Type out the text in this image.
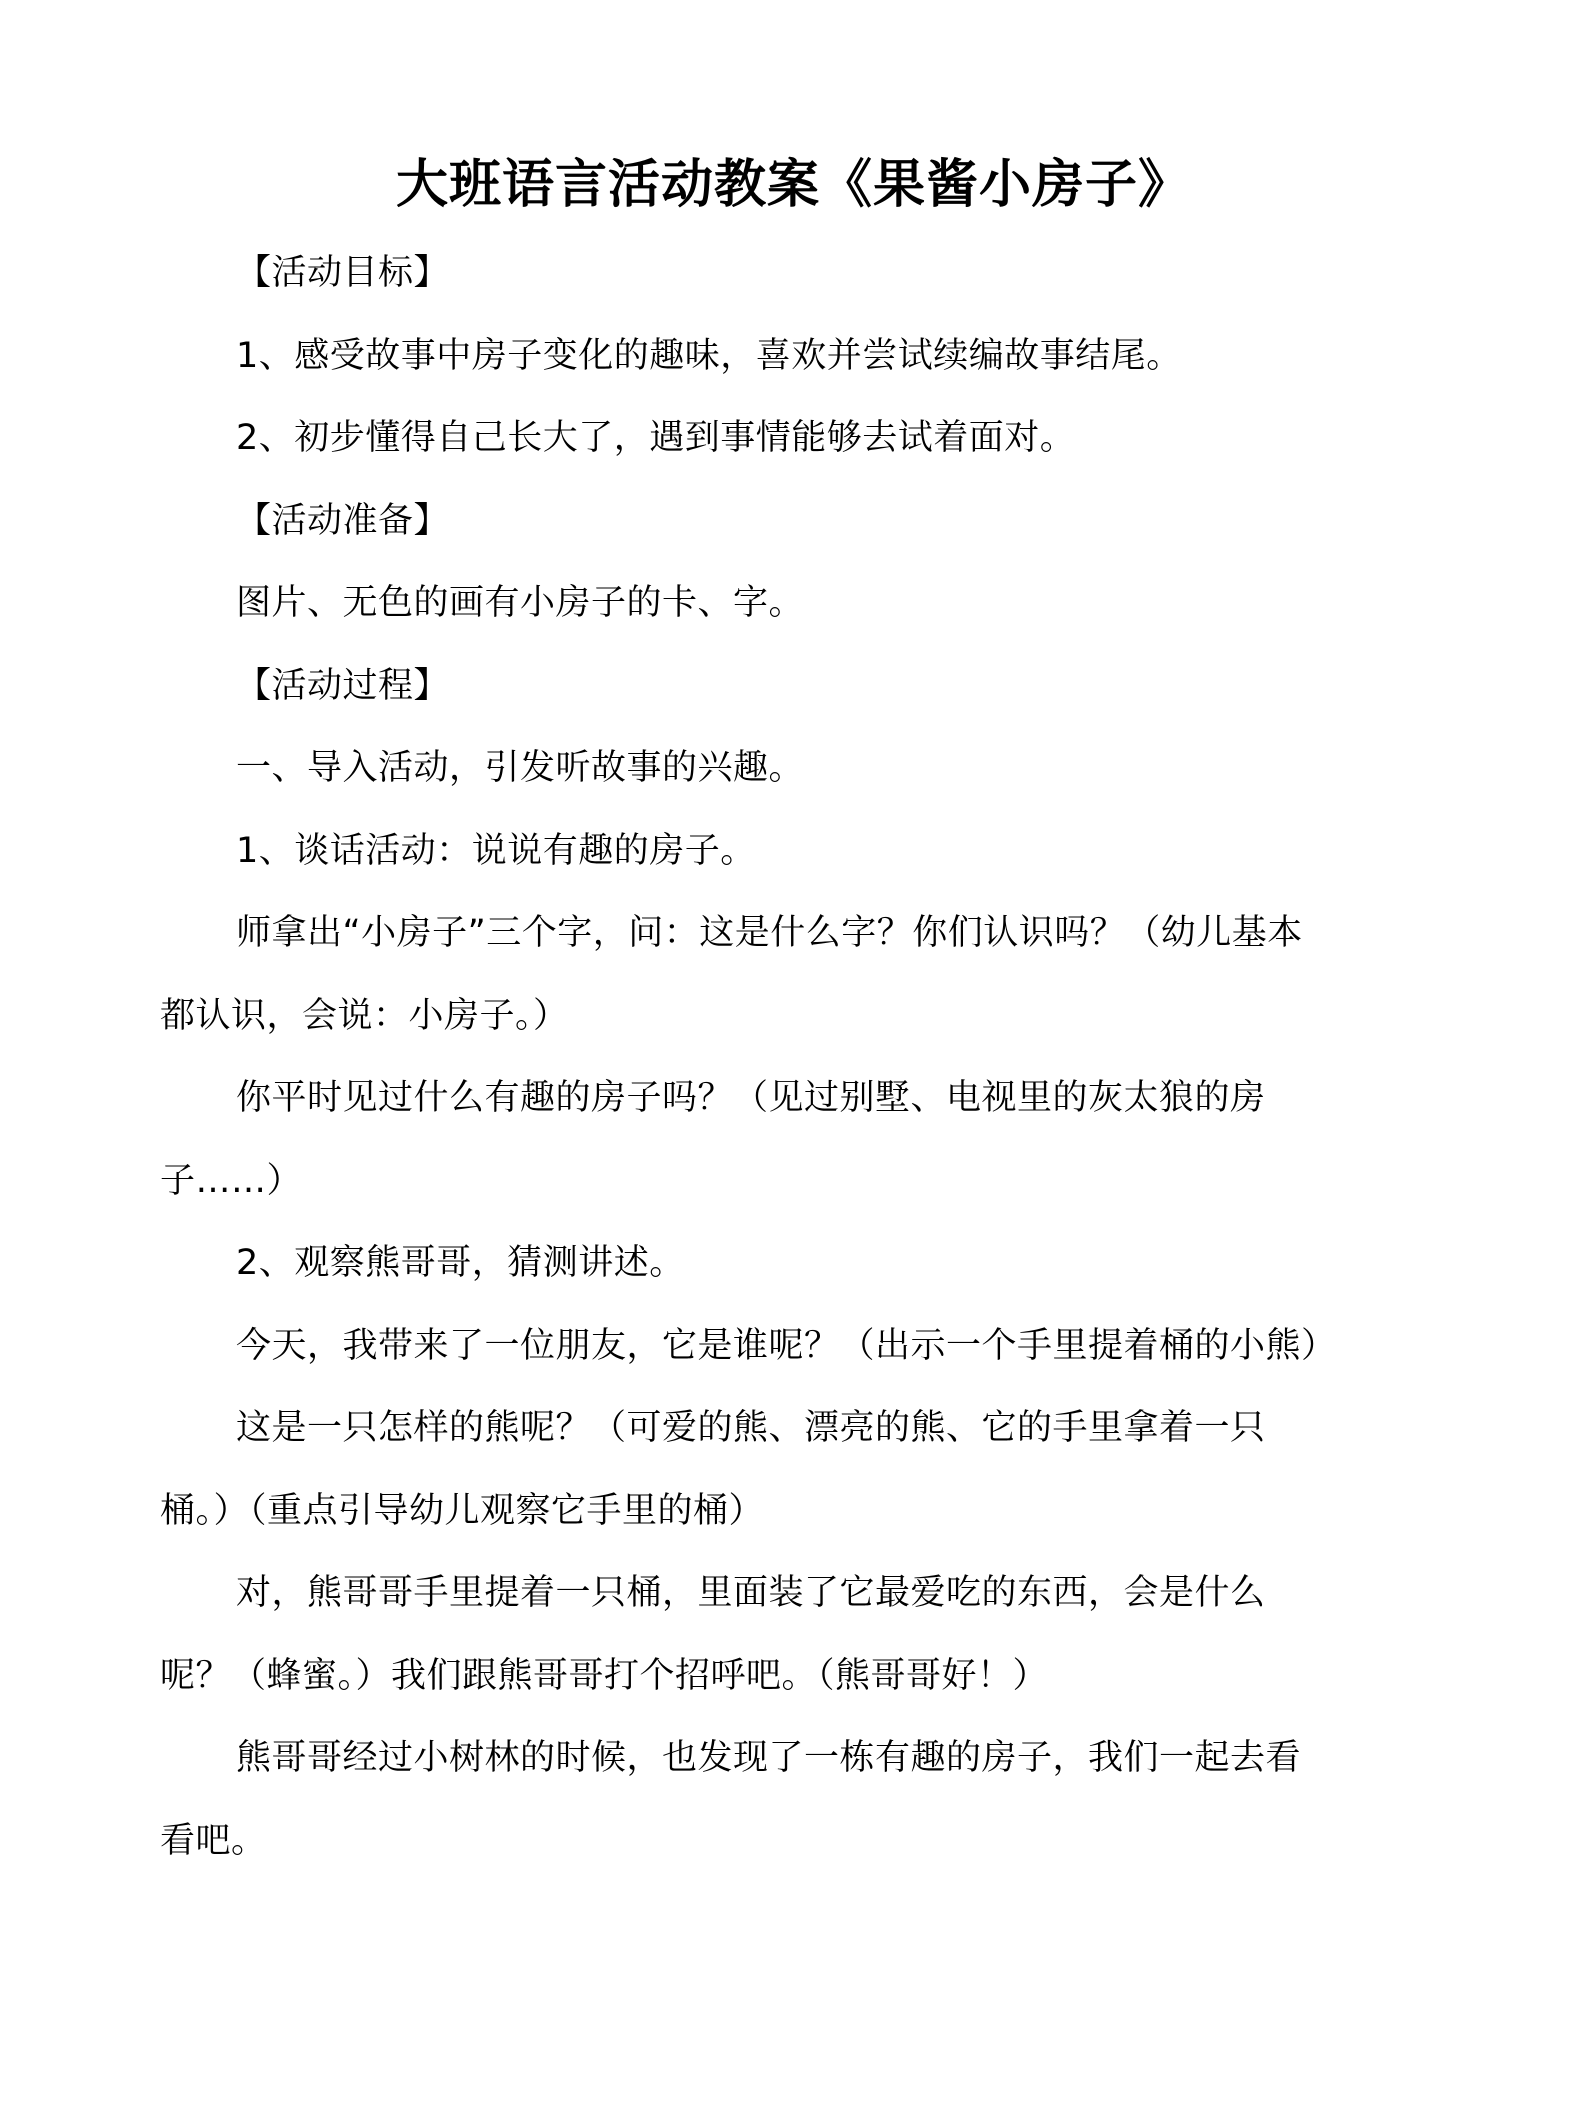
大班语言活动教案《果酱小房子》

【活动目标】

1、感受故事中房子变化的趣味，喜欢并尝试续编故事结尾。

2、初步懂得自己长大了，遇到事情能够去试着面对。

【活动准备】

图片、无色的画有小房子的卡、字。

【活动过程】

一、导入活动，引发听故事的兴趣。

1、谈话活动：说说有趣的房子。

师拿出“小房子”三个字，问：这是什么字？你们认识吗？（幼儿基本都认识，会说：小房子。）

你平时见过什么有趣的房子吗？（见过别墅、电视里的灰太狼的房子……）

2、观察熊哥哥，猜测讲述。

今天，我带来了一位朋友，它是谁呢？（出示一个手里提着桶的小熊）

这是一只怎样的熊呢？（可爱的熊、漂亮的熊、它的手里拿着一只桶。）（重点引导幼儿观察它手里的桶）

对，熊哥哥手里提着一只桶，里面装了它最爱吃的东西，会是什么呢？（蜂蜜。）我们跟熊哥哥打个招呼吧。（熊哥哥好！）

熊哥哥经过小树林的时候，也发现了一栋有趣的房子，我们一起去看看吧。
